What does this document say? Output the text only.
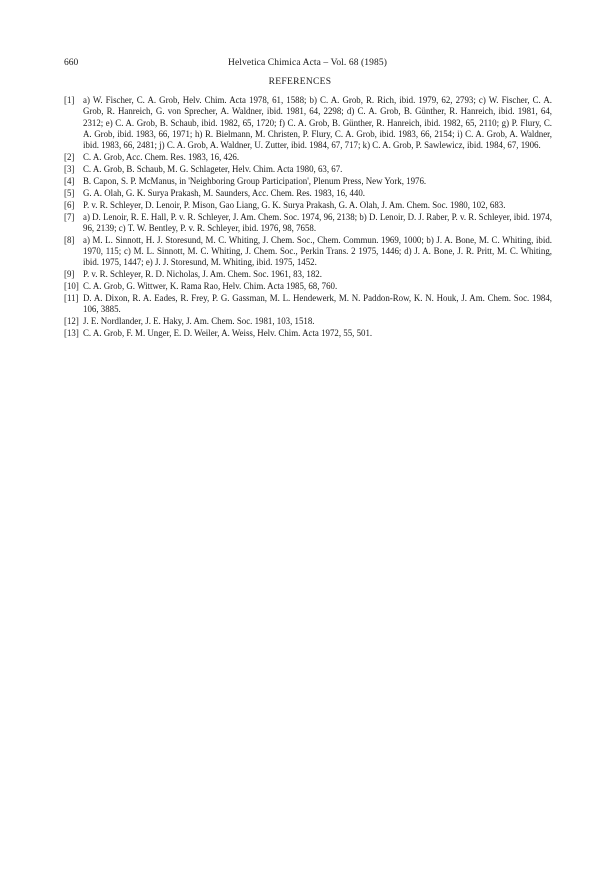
660	Helvetica Chimica Acta – Vol. 68 (1985)
REFERENCES
[1] a) W. Fischer, C. A. Grob, Helv. Chim. Acta 1978, 61, 1588; b) C. A. Grob, R. Rich, ibid. 1979, 62, 2793; c) W. Fischer, C. A. Grob, R. Hanreich, G. von Sprecher, A. Waldner, ibid. 1981, 64, 2298; d) C. A. Grob, B. Günther, R. Hanreich, ibid. 1981, 64, 2312; e) C. A. Grob, B. Schaub, ibid. 1982, 65, 1720; f) C. A. Grob, B. Günther, R. Hanreich, ibid. 1982, 65, 2110; g) P. Flury, C. A. Grob, ibid. 1983, 66, 1971; h) R. Bielmann, M. Christen, P. Flury, C. A. Grob, ibid. 1983, 66, 2154; i) C. A. Grob, A. Waldner, ibid. 1983, 66, 2481; j) C. A. Grob, A. Waldner, U. Zutter, ibid. 1984, 67, 717; k) C. A. Grob, P. Sawlewicz, ibid. 1984, 67, 1906.
[2] C. A. Grob, Acc. Chem. Res. 1983, 16, 426.
[3] C. A. Grob, B. Schaub, M. G. Schlageter, Helv. Chim. Acta 1980, 63, 67.
[4] B. Capon, S. P. McManus, in 'Neighboring Group Participation', Plenum Press, New York, 1976.
[5] G. A. Olah, G. K. Surya Prakash, M. Saunders, Acc. Chem. Res. 1983, 16, 440.
[6] P. v. R. Schleyer, D. Lenoir, P. Mison, Gao Liang, G. K. Surya Prakash, G. A. Olah, J. Am. Chem. Soc. 1980, 102, 683.
[7] a) D. Lenoir, R. E. Hall, P. v. R. Schleyer, J. Am. Chem. Soc. 1974, 96, 2138; b) D. Lenoir, D. J. Raber, P. v. R. Schleyer, ibid. 1974, 96, 2139; c) T. W. Bentley, P. v. R. Schleyer, ibid. 1976, 98, 7658.
[8] a) M. L. Sinnott, H. J. Storesund, M. C. Whiting, J. Chem. Soc., Chem. Commun. 1969, 1000; b) J. A. Bone, M. C. Whiting, ibid. 1970, 115; c) M. L. Sinnott, M. C. Whiting, J. Chem. Soc., Perkin Trans. 2 1975, 1446; d) J. A. Bone, J. R. Pritt, M. C. Whiting, ibid. 1975, 1447; e) J. J. Storesund, M. Whiting, ibid. 1975, 1452.
[9] P. v. R. Schleyer, R. D. Nicholas, J. Am. Chem. Soc. 1961, 83, 182.
[10] C. A. Grob, G. Wittwer, K. Rama Rao, Helv. Chim. Acta 1985, 68, 760.
[11] D. A. Dixon, R. A. Eades, R. Frey, P. G. Gassman, M. L. Hendewerk, M. N. Paddon-Row, K. N. Houk, J. Am. Chem. Soc. 1984, 106, 3885.
[12] J. E. Nordlander, J. E. Haky, J. Am. Chem. Soc. 1981, 103, 1518.
[13] C. A. Grob, F. M. Unger, E. D. Weiler, A. Weiss, Helv. Chim. Acta 1972, 55, 501.
